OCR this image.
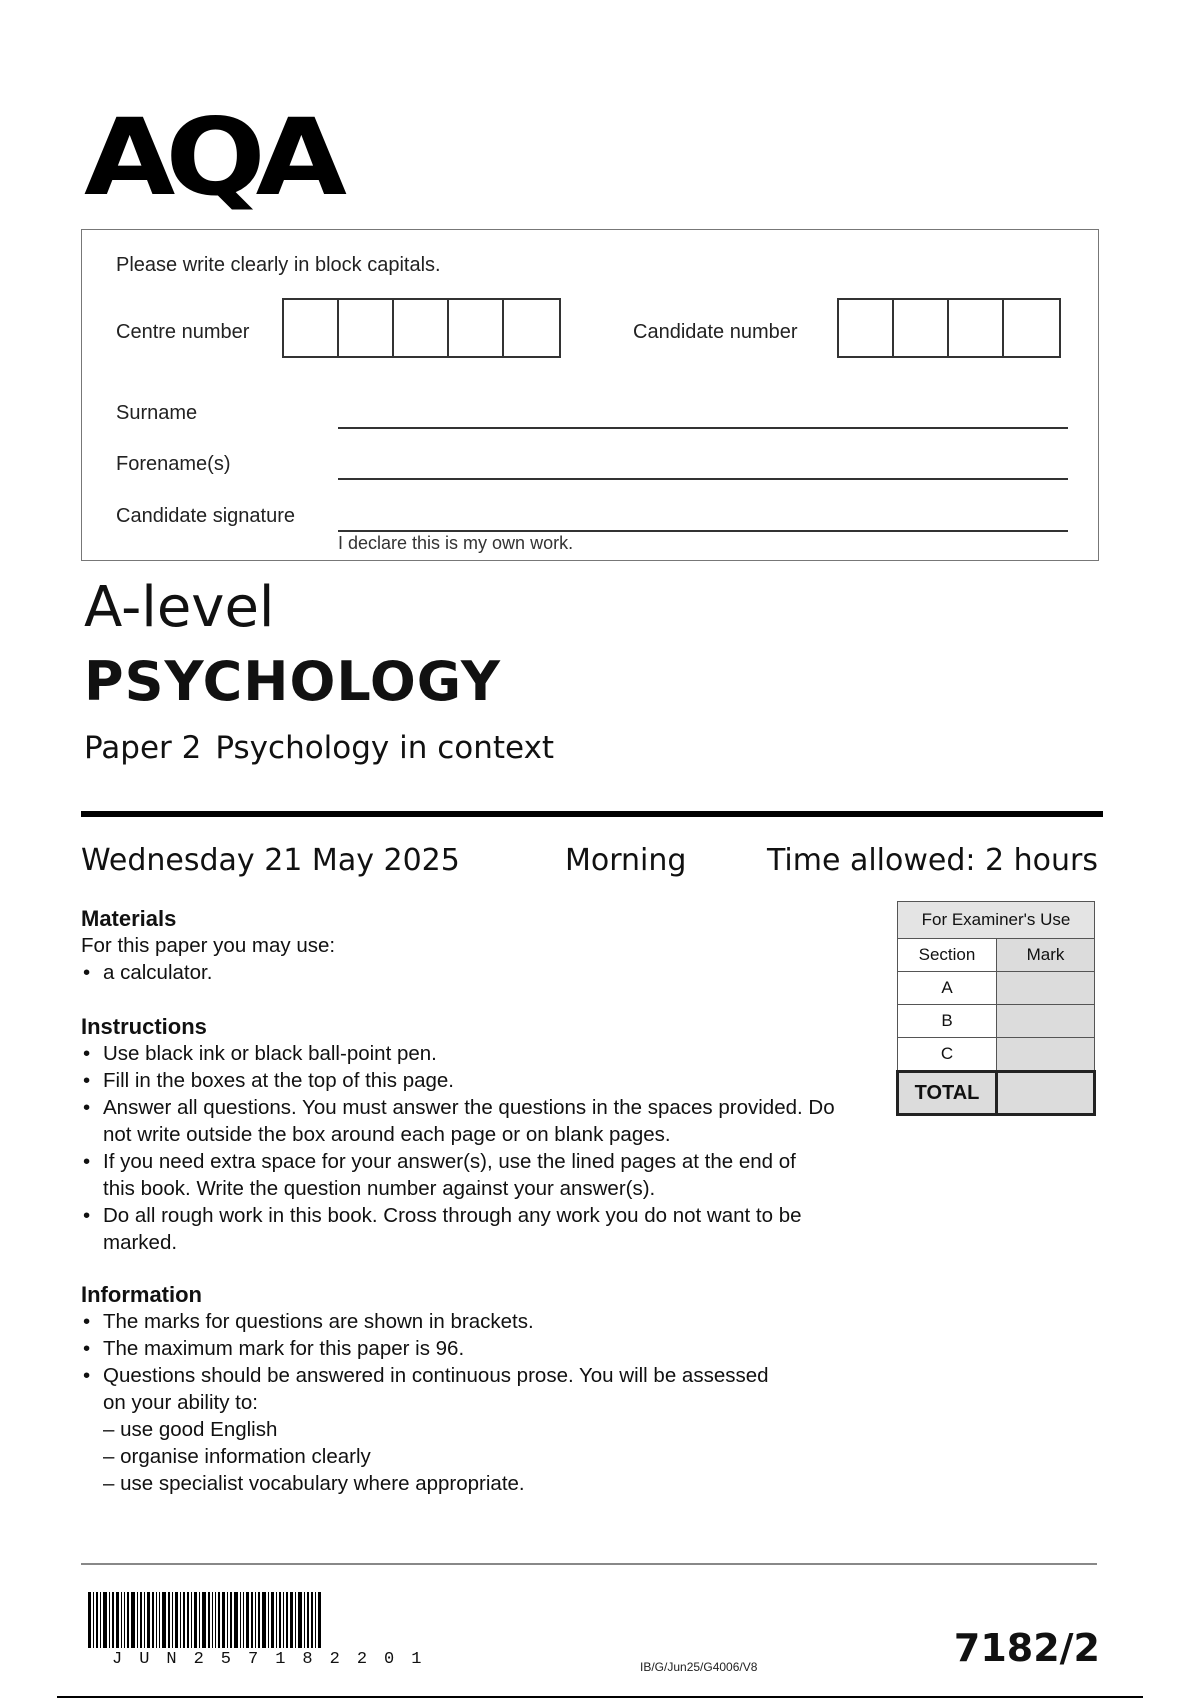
AQA
Please write clearly in block capitals.
Centre number	Candidate number
Surname
Forename(s)
Candidate signature
I declare this is my own work.
A-level
PSYCHOLOGY
Paper 2 Psychology in context
Wednesday 21 May 2025	Morning	Time allowed: 2 hours
Materials
For this paper you may use:
• a calculator.
Instructions
• Use black ink or black ball-point pen.
• Fill in the boxes at the top of this page.
• Answer all questions. You must answer the questions in the spaces provided. Do not write outside the box around each page or on blank pages.
• If you need extra space for your answer(s), use the lined pages at the end of this book. Write the question number against your answer(s).
• Do all rough work in this book. Cross through any work you do not want to be marked.
Information
• The marks for questions are shown in brackets.
• The maximum mark for this paper is 96.
• Questions should be answered in continuous prose. You will be assessed on your ability to:
– use good English
– organise information clearly
– use specialist vocabulary where appropriate.
For Examiner's Use	
Section	Mark
A	
B	
C	
TOTAL	
JUN257182201	IB/G/Jun25/G4006/V8	7182/2
